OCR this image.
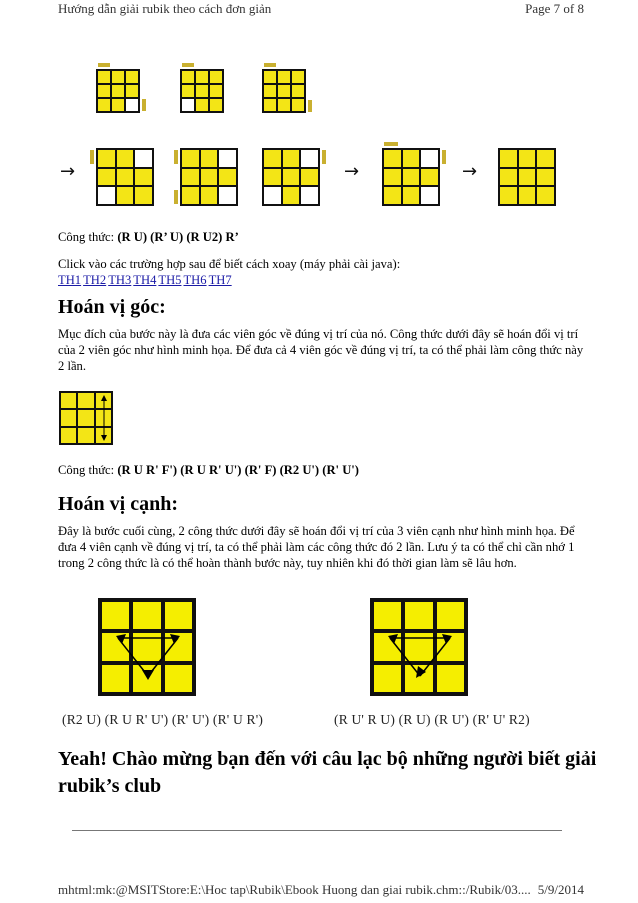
Hướng dẫn giải rubik theo cách đơn giản	Page 7 of 8
→	→	→
Công thức: (R U) (R’ U) (R U2) R’
Click vào các trường hợp sau để biết cách xoay (máy phải cài java):
TH1 TH2 TH3 TH4 TH5 TH6 TH7
Hoán vị góc:
Mục đích của bước này là đưa các viên góc về đúng vị trí của nó. Công thức dưới đây sẽ hoán đổi vị trí của 2 viên góc như hình minh họa. Để đưa cả 4 viên góc về đúng vị trí, ta có thể phải làm công thức này 2 lần.
Công thức: (R U R' F') (R U R' U') (R' F) (R2 U') (R' U')
Hoán vị cạnh:
Đây là bước cuối cùng, 2 công thức dưới đây sẽ hoán đổi vị trí của 3 viên cạnh như hình minh họa. Để đưa 4 viên cạnh về đúng vị trí, ta có thể phải làm các công thức đó 2 lần. Lưu ý ta có thể chỉ cần nhớ 1 trong 2 công thức là có thể hoàn thành bước này, tuy nhiên khi đó thời gian làm sẽ lâu hơn.
(R2 U) (R U R' U') (R' U') (R' U R')	(R U' R U) (R U) (R U') (R' U' R2)
Yeah! Chào mừng bạn đến với câu lạc bộ những người biết giải rubik’s club
mhtml:mk:@MSITStore:E:\Hoc tap\Rubik\Ebook Huong dan giai rubik.chm::/Rubik/03.... 5/9/2014
